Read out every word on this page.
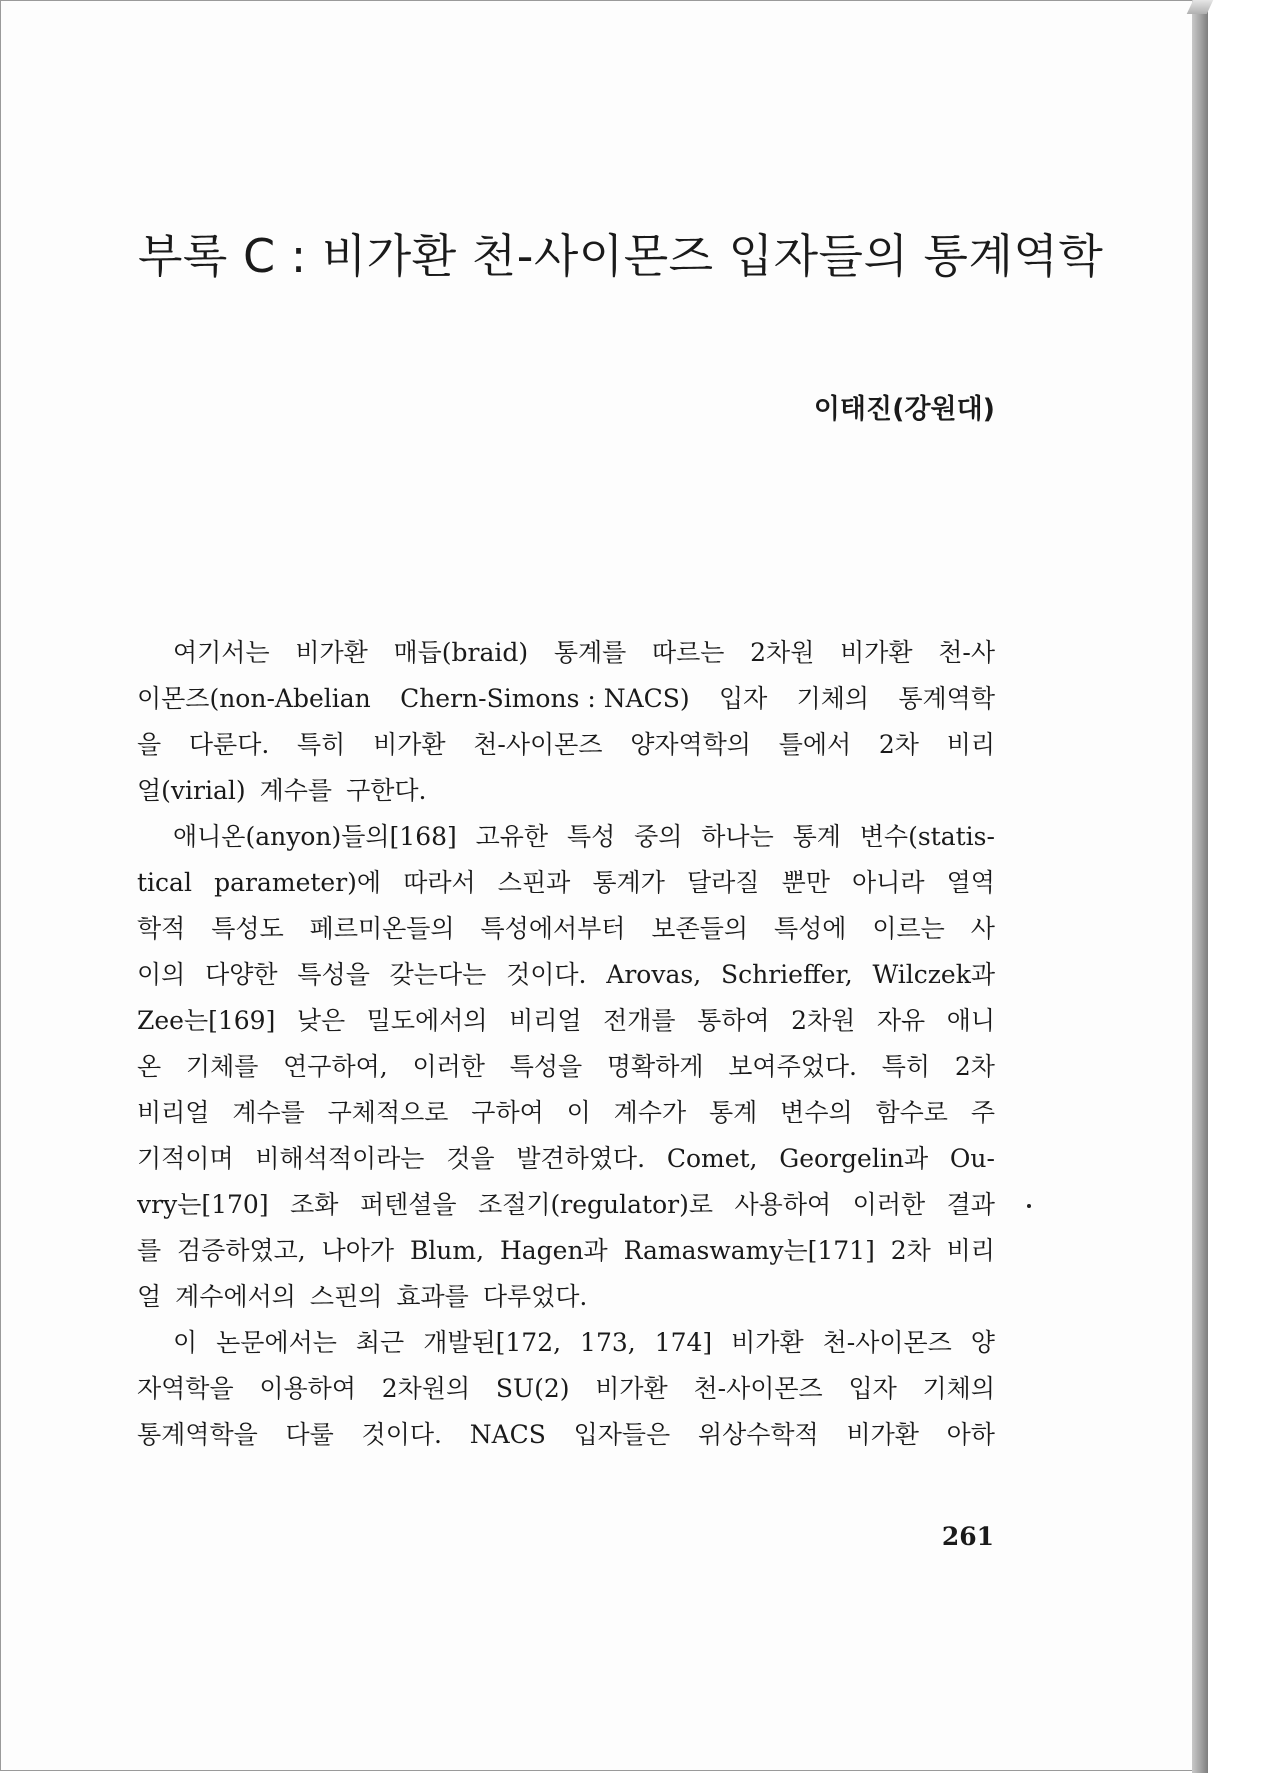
부록 C : 비가환 천-사이몬즈 입자들의 통계역학

이태진(강원대)

여기서는 비가환 매듭(braid) 통계를 따르는 2차원 비가환 천-사
이몬즈(non-Abelian Chern-Simons : NACS) 입자 기체의 통계역학
을 다룬다. 특히 비가환 천-사이몬즈 양자역학의 틀에서 2차 비리
얼(virial) 계수를 구한다.
애니온(anyon)들의[168] 고유한 특성 중의 하나는 통계 변수(statis-
tical parameter)에 따라서 스핀과 통계가 달라질 뿐만 아니라 열역
학적 특성도 페르미온들의 특성에서부터 보존들의 특성에 이르는 사
이의 다양한 특성을 갖는다는 것이다. Arovas, Schrieffer, Wilczek과
Zee는[169] 낮은 밀도에서의 비리얼 전개를 통하여 2차원 자유 애니
온 기체를 연구하여, 이러한 특성을 명확하게 보여주었다. 특히 2차
비리얼 계수를 구체적으로 구하여 이 계수가 통계 변수의 함수로 주
기적이며 비해석적이라는 것을 발견하였다. Comet, Georgelin과 Ou-
vry는[170] 조화 퍼텐셜을 조절기(regulator)로 사용하여 이러한 결과
를 검증하였고, 나아가 Blum, Hagen과 Ramaswamy는[171] 2차 비리
얼 계수에서의 스핀의 효과를 다루었다.
이 논문에서는 최근 개발된[172, 173, 174] 비가환 천-사이몬즈 양
자역학을 이용하여 2차원의 SU(2) 비가환 천-사이몬즈 입자 기체의
통계역학을 다룰 것이다. NACS 입자들은 위상수학적 비가환 아하

261
